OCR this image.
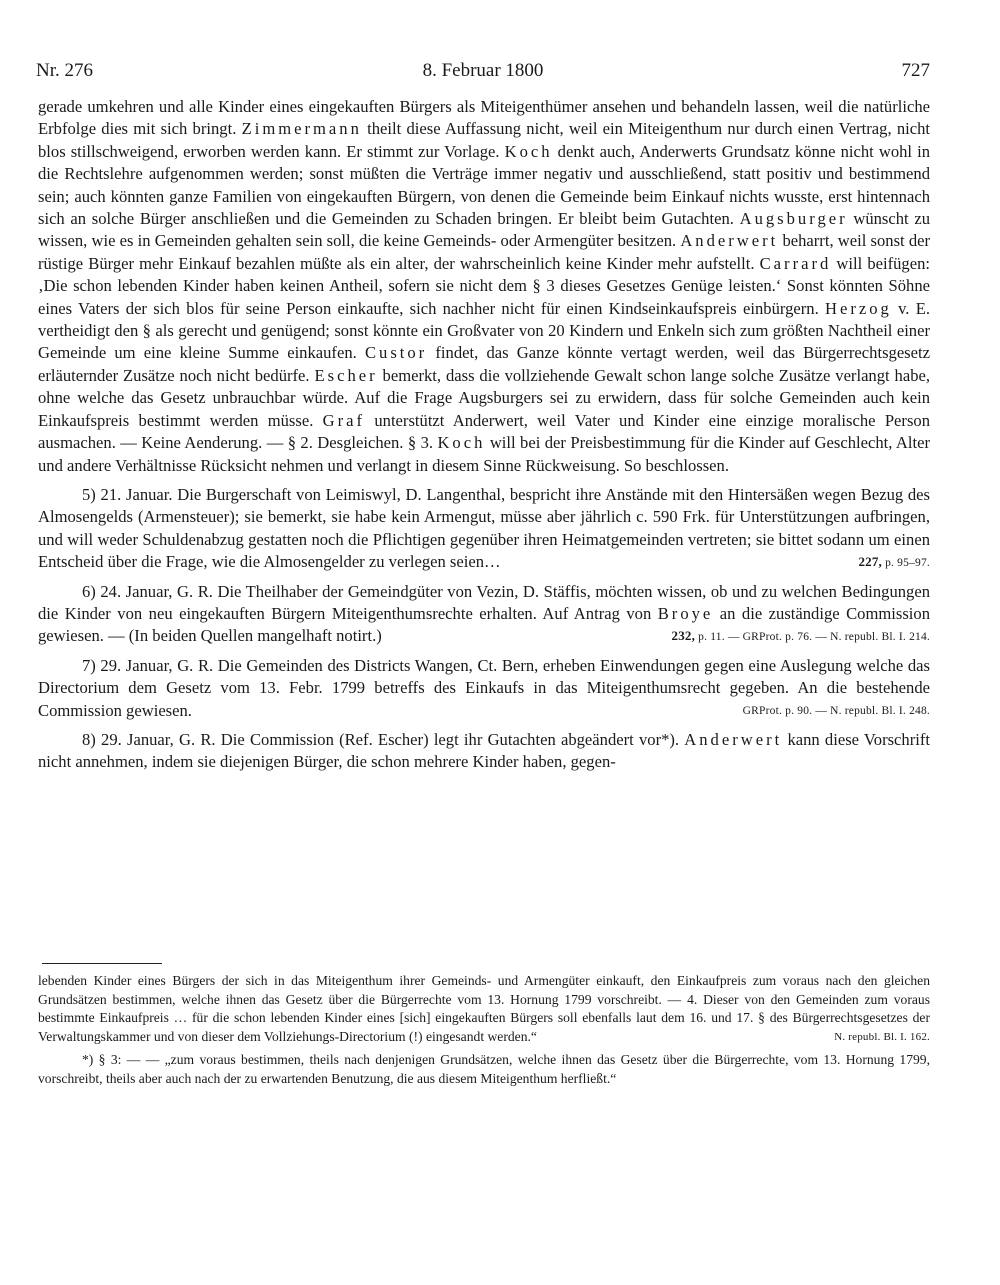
Nr. 276	8. Februar 1800	727

gerade umkehren und alle Kinder eines eingekauften Bürgers als Miteigenthümer ansehen und behandeln lassen, weil die natürliche Erbfolge dies mit sich bringt. Zimmermann theilt diese Auffassung nicht, weil ein Miteigenthum nur durch einen Vertrag, nicht blos stillschweigend, erworben werden kann. Er stimmt zur Vorlage. Koch denkt auch, Anderwerts Grundsatz könne nicht wohl in die Rechtslehre aufgenommen werden; sonst müßten die Verträge immer negativ und ausschließend, statt positiv und bestimmend sein; auch könnten ganze Familien von eingekauften Bürgern, von denen die Gemeinde beim Einkauf nichts wusste, erst hintennach sich an solche Bürger anschließen und die Gemeinden zu Schaden bringen. Er bleibt beim Gutachten. Augsburger wünscht zu wissen, wie es in Gemeinden gehalten sein soll, die keine Gemeinds- oder Armengüter besitzen. Anderwert beharrt, weil sonst der rüstige Bürger mehr Einkauf bezahlen müßte als ein alter, der wahrscheinlich keine Kinder mehr aufstellt. Carrard will beifügen: ‚Die schon lebenden Kinder haben keinen Antheil, sofern sie nicht dem § 3 dieses Gesetzes Genüge leisten.‘ Sonst könnten Söhne eines Vaters der sich blos für seine Person einkaufte, sich nachher nicht für einen Kindseinkaufspreis einbürgern. Herzog v. E. vertheidigt den § als gerecht und genügend; sonst könnte ein Großvater von 20 Kindern und Enkeln sich zum größten Nachtheil einer Gemeinde um eine kleine Summe einkaufen. Custor findet, das Ganze könnte vertagt werden, weil das Bürgerrechtsgesetz erläuternder Zusätze noch nicht bedürfe. Escher bemerkt, dass die vollziehende Gewalt schon lange solche Zusätze verlangt habe, ohne welche das Gesetz unbrauchbar würde. Auf die Frage Augsburgers sei zu erwidern, dass für solche Gemeinden auch kein Einkaufspreis bestimmt werden müsse. Graf unterstützt Anderwert, weil Vater und Kinder eine einzige moralische Person ausmachen. — Keine Aenderung. — § 2. Desgleichen. § 3. Koch will bei der Preisbestimmung für die Kinder auf Geschlecht, Alter und andere Verhältnisse Rücksicht nehmen und verlangt in diesem Sinne Rückweisung. So beschlossen.

5) 21. Januar. Die Burgerschaft von Leimiswyl, D. Langenthal, bespricht ihre Anstände mit den Hintersäßen wegen Bezug des Almosengelds (Armensteuer); sie bemerkt, sie habe kein Armengut, müsse aber jährlich c. 590 Frk. für Unterstützungen aufbringen, und will weder Schuldenabzug gestatten noch die Pflichtigen gegenüber ihren Heimatgemeinden vertreten; sie bittet sodann um einen Entscheid über die Frage, wie die Almosengelder zu verlegen seien…	227, p. 95–97.

6) 24. Januar, G. R. Die Theilhaber der Gemeindgüter von Vezin, D. Stäffis, möchten wissen, ob und zu welchen Bedingungen die Kinder von neu eingekauften Bürgern Miteigenthumsrechte erhalten. Auf Antrag von Broye an die zuständige Commission gewiesen. — (In beiden Quellen mangelhaft notirt.)	232, p. 11. — GRProt. p. 76. — N. republ. Bl. I. 214.

7) 29. Januar, G. R. Die Gemeinden des Districts Wangen, Ct. Bern, erheben Einwendungen gegen eine Auslegung welche das Directorium dem Gesetz vom 13. Febr. 1799 betreffs des Einkaufs in das Miteigenthumsrecht gegeben. An die bestehende Commission gewiesen.	GRProt. p. 90. — N. republ. Bl. I. 248.

8) 29. Januar, G. R. Die Commission (Ref. Escher) legt ihr Gutachten abgeändert vor*). Anderwert kann diese Vorschrift nicht annehmen, indem sie diejenigen Bürger, die schon mehrere Kinder haben, gegen-

lebenden Kinder eines Bürgers der sich in das Miteigenthum ihrer Gemeinds- und Armengüter einkauft, den Einkaufpreis zum voraus nach den gleichen Grundsätzen bestimmen, welche ihnen das Gesetz über die Bürgerrechte vom 13. Hornung 1799 vorschreibt. — 4. Dieser von den Gemeinden zum voraus bestimmte Einkaufpreis … für die schon lebenden Kinder eines [sich] eingekauften Bürgers soll ebenfalls laut dem 16. und 17. § des Bürgerrechtsgesetzes der Verwaltungskammer und von dieser dem Vollziehungs-Directorium (!) eingesandt werden.“	N. republ. Bl. I. 162.

*) § 3: — — „zum voraus bestimmen, theils nach denjenigen Grundsätzen, welche ihnen das Gesetz über die Bürgerrechte, vom 13. Hornung 1799, vorschreibt, theils aber auch nach der zu erwartenden Benutzung, die aus diesem Miteigenthum herfließt.“
